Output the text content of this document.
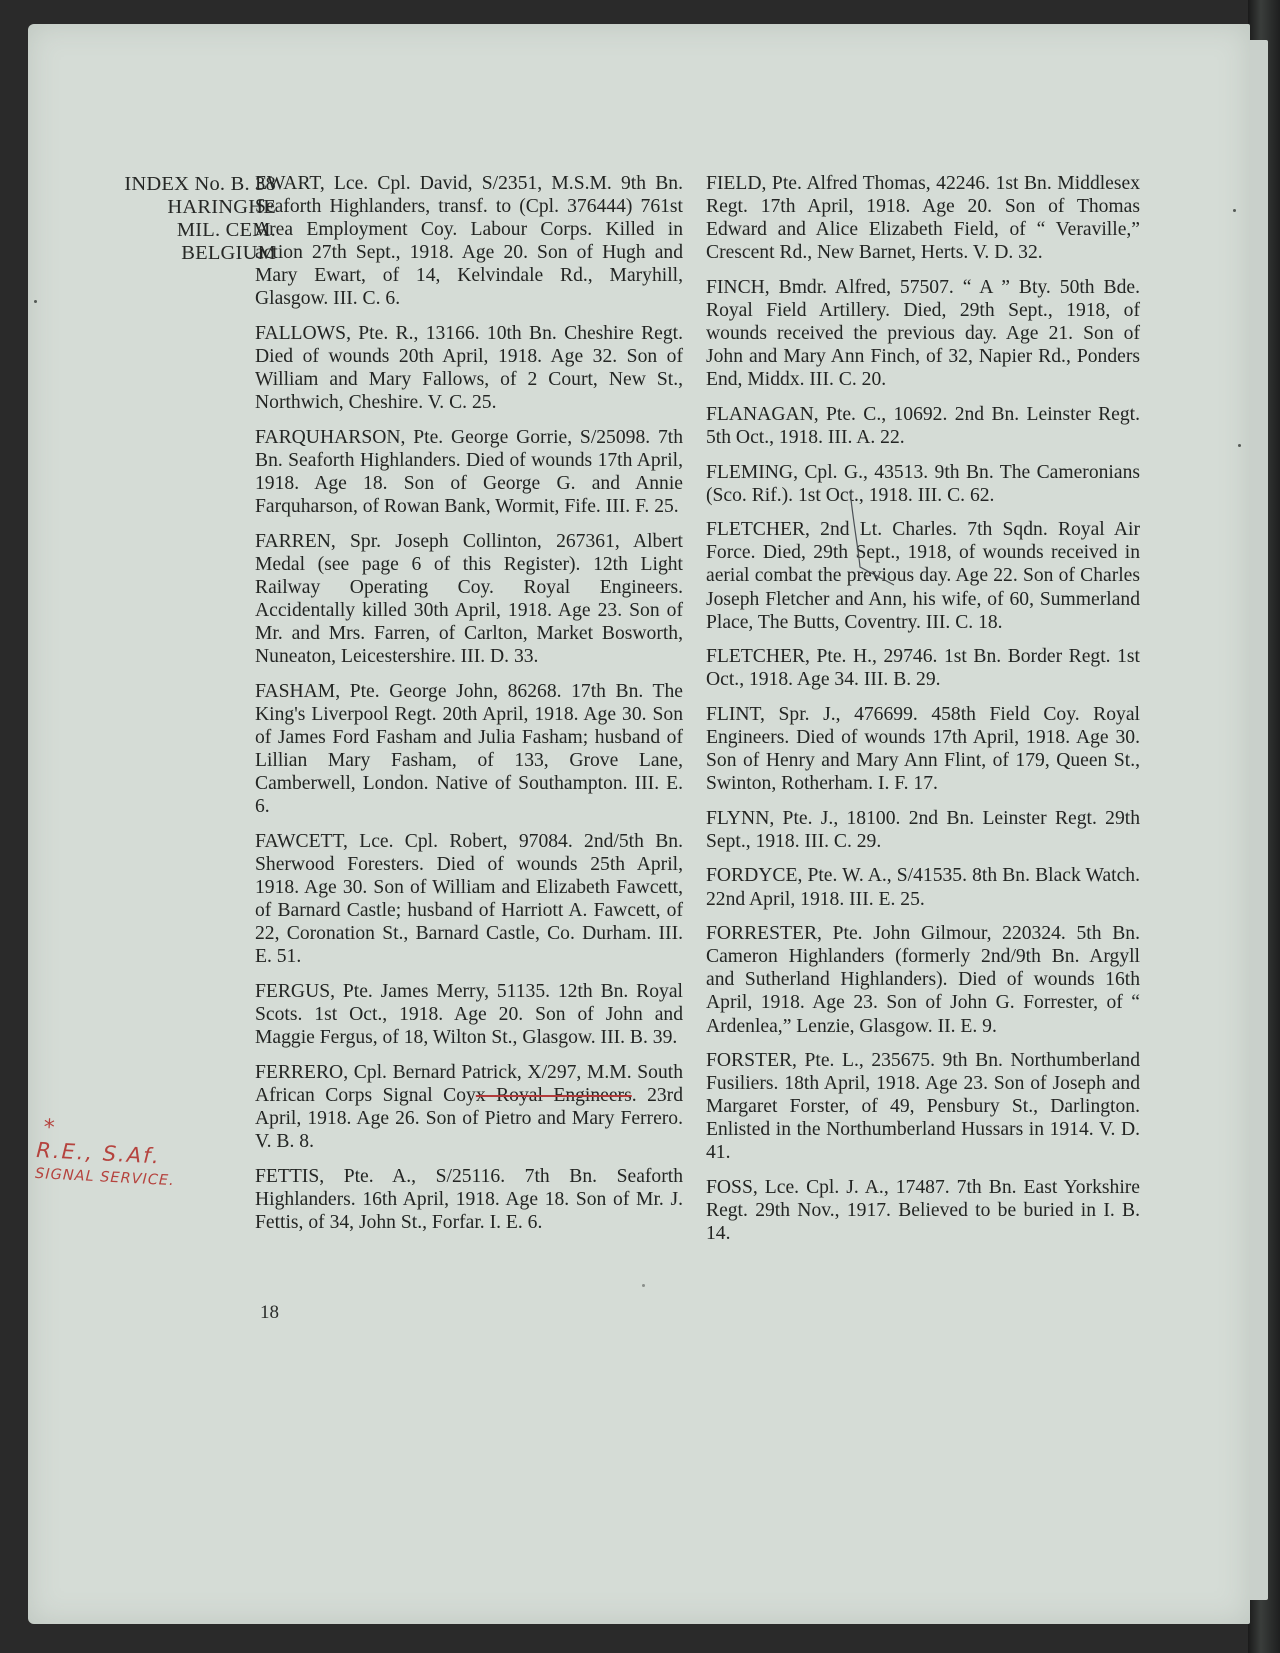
INDEX No. B. 38
HARINGHE
MIL. CEM.
BELGIUM

EWART, Lce. Cpl. David, S/2351, M.S.M. 9th Bn. Seaforth Highlanders, transf. to (Cpl. 376444) 761st Area Employment Coy. Labour Corps. Killed in action 27th Sept., 1918. Age 20. Son of Hugh and Mary Ewart, of 14, Kelvindale Rd., Maryhill, Glasgow. III. C. 6.

FALLOWS, Pte. R., 13166. 10th Bn. Cheshire Regt. Died of wounds 20th April, 1918. Age 32. Son of William and Mary Fallows, of 2 Court, New St., Northwich, Cheshire. V. C. 25.

FARQUHARSON, Pte. George Gorrie, S/25098. 7th Bn. Seaforth Highlanders. Died of wounds 17th April, 1918. Age 18. Son of George G. and Annie Farquharson, of Rowan Bank, Wormit, Fife. III. F. 25.

FARREN, Spr. Joseph Collinton, 267361, Albert Medal (see page 6 of this Register). 12th Light Railway Operating Coy. Royal Engineers. Accidentally killed 30th April, 1918. Age 23. Son of Mr. and Mrs. Farren, of Carlton, Market Bosworth, Nuneaton, Leicestershire. III. D. 33.

FASHAM, Pte. George John, 86268. 17th Bn. The King's Liverpool Regt. 20th April, 1918. Age 30. Son of James Ford Fasham and Julia Fasham; husband of Lillian Mary Fasham, of 133, Grove Lane, Camberwell, London. Native of Southampton. III. E. 6.

FAWCETT, Lce. Cpl. Robert, 97084. 2nd/5th Bn. Sherwood Foresters. Died of wounds 25th April, 1918. Age 30. Son of William and Elizabeth Fawcett, of Barnard Castle; husband of Harriott A. Fawcett, of 22, Coronation St., Barnard Castle, Co. Durham. III. E. 51.

FERGUS, Pte. James Merry, 51135. 12th Bn. Royal Scots. 1st Oct., 1918. Age 20. Son of John and Maggie Fergus, of 18, Wilton St., Glasgow. III. B. 39.

FERRERO, Cpl. Bernard Patrick, X/297, M.M. South African Corps Signal Coyx Royal Engineers. 23rd April, 1918. Age 26. Son of Pietro and Mary Ferrero. V. B. 8.

FETTIS, Pte. A., S/25116. 7th Bn. Seaforth Highlanders. 16th April, 1918. Age 18. Son of Mr. J. Fettis, of 34, John St., Forfar. I. E. 6.

FIELD, Pte. Alfred Thomas, 42246. 1st Bn. Middlesex Regt. 17th April, 1918. Age 20. Son of Thomas Edward and Alice Elizabeth Field, of “ Veraville,” Crescent Rd., New Barnet, Herts. V. D. 32.

FINCH, Bmdr. Alfred, 57507. “ A ” Bty. 50th Bde. Royal Field Artillery. Died, 29th Sept., 1918, of wounds received the previous day. Age 21. Son of John and Mary Ann Finch, of 32, Napier Rd., Ponders End, Middx. III. C. 20.

FLANAGAN, Pte. C., 10692. 2nd Bn. Leinster Regt. 5th Oct., 1918. III. A. 22.

FLEMING, Cpl. G., 43513. 9th Bn. The Cameronians (Sco. Rif.). 1st Oct., 1918. III. C. 62.

FLETCHER, 2nd Lt. Charles. 7th Sqdn. Royal Air Force. Died, 29th Sept., 1918, of wounds received in aerial combat the previous day. Age 22. Son of Charles Joseph Fletcher and Ann, his wife, of 60, Summerland Place, The Butts, Coventry. III. C. 18.

FLETCHER, Pte. H., 29746. 1st Bn. Border Regt. 1st Oct., 1918. Age 34. III. B. 29.

FLINT, Spr. J., 476699. 458th Field Coy. Royal Engineers. Died of wounds 17th April, 1918. Age 30. Son of Henry and Mary Ann Flint, of 179, Queen St., Swinton, Rotherham. I. F. 17.

FLYNN, Pte. J., 18100. 2nd Bn. Leinster Regt. 29th Sept., 1918. III. C. 29.

FORDYCE, Pte. W. A., S/41535. 8th Bn. Black Watch. 22nd April, 1918. III. E. 25.

FORRESTER, Pte. John Gilmour, 220324. 5th Bn. Cameron Highlanders (formerly 2nd/9th Bn. Argyll and Sutherland Highlanders). Died of wounds 16th April, 1918. Age 23. Son of John G. Forrester, of “ Ardenlea,” Lenzie, Glasgow. II. E. 9.

FORSTER, Pte. L., 235675. 9th Bn. Northumberland Fusiliers. 18th April, 1918. Age 23. Son of Joseph and Margaret Forster, of 49, Pensbury St., Darlington. Enlisted in the Northumberland Hussars in 1914. V. D. 41.

FOSS, Lce. Cpl. J. A., 17487. 7th Bn. East Yorkshire Regt. 29th Nov., 1917. Believed to be buried in I. B. 14.

18
*
R.E., S.Af.
SIGNAL SERVICE.
